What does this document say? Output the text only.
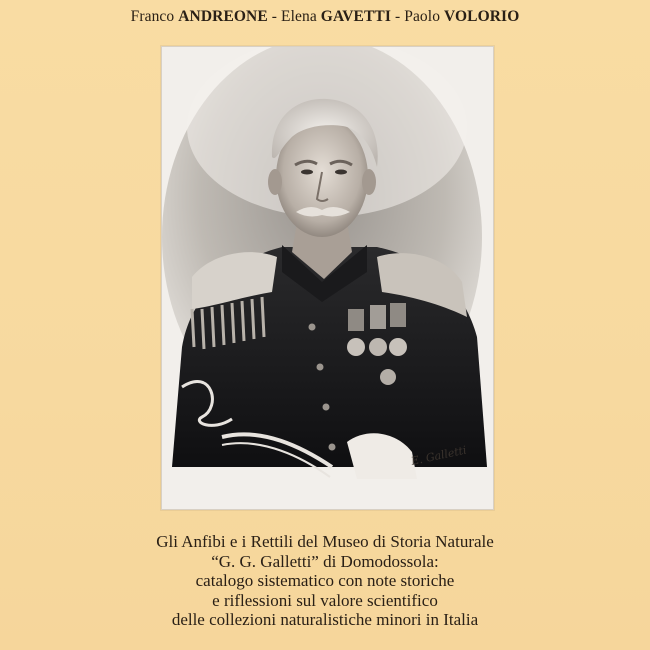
Franco ANDREONE - Elena GAVETTI - Paolo VOLORIO
E. Galletti
Gli Anfibi e i Rettili del Museo di Storia Naturale
“G. G. Galletti” di Domodossola:
catalogo sistematico con note storiche
e riflessioni sul valore scientifico
delle collezioni naturalistiche minori in Italia
